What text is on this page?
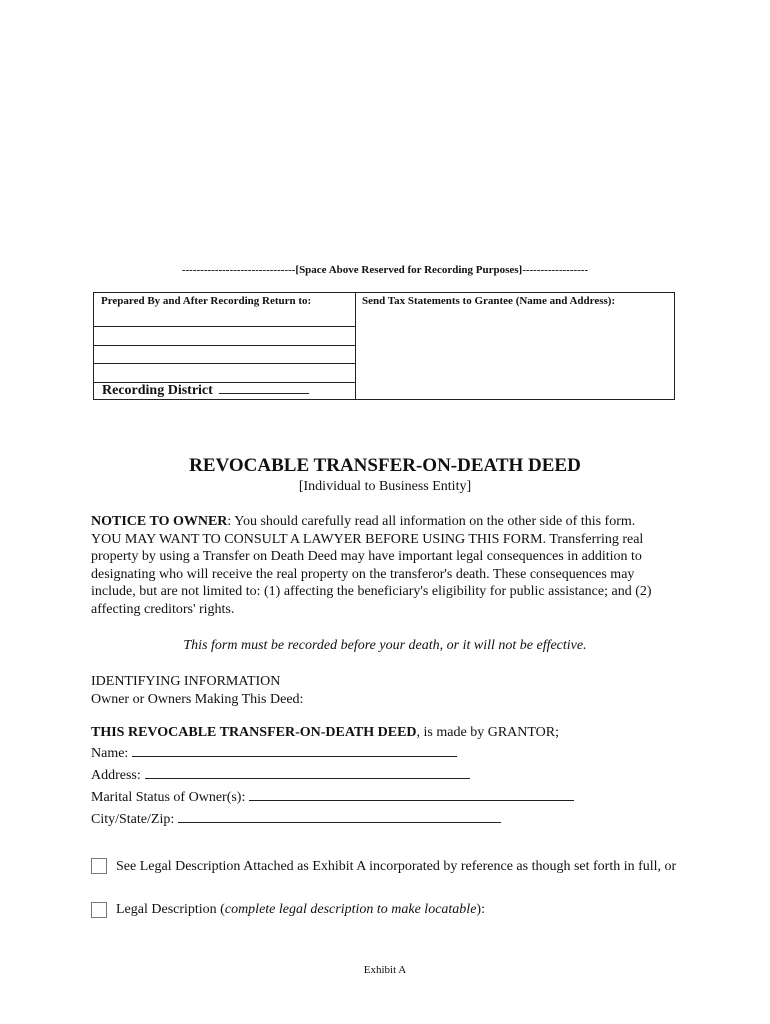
-------------------------------[Space Above Reserved for Recording Purposes]------------------
Prepared By and After Recording Return to:
Recording District
Send Tax Statements to Grantee (Name and Address):
REVOCABLE TRANSFER-ON-DEATH DEED
[Individual to Business Entity]
NOTICE TO OWNER: You should carefully read all information on the other side of this form. YOU MAY WANT TO CONSULT A LAWYER BEFORE USING THIS FORM. Transferring real property by using a Transfer on Death Deed may have important legal consequences in addition to designating who will receive the real property on the transferor's death. These consequences may include, but are not limited to: (1) affecting the beneficiary's eligibility for public assistance; and (2) affecting creditors' rights.
This form must be recorded before your death, or it will not be effective.
IDENTIFYING INFORMATION
Owner or Owners Making This Deed:
THIS REVOCABLE TRANSFER-ON-DEATH DEED, is made by GRANTOR;
Name:
Address:
Marital Status of Owner(s):
City/State/Zip:
See Legal Description Attached as Exhibit A incorporated by reference as though set forth in full, or
Legal Description (complete legal description to make locatable):
Exhibit A
